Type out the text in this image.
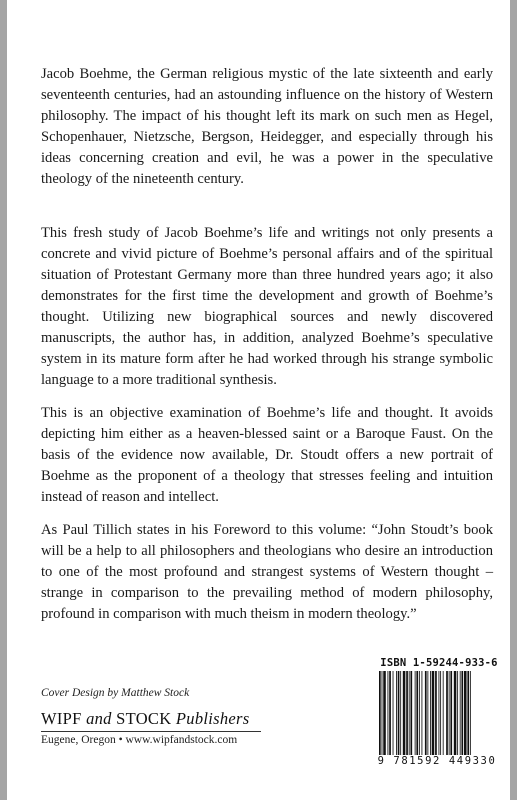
Jacob Boehme, the German religious mystic of the late sixteenth and early seventeenth centuries, had an astounding influence on the history of Western philosophy. The impact of his thought left its mark on such men as Hegel, Schopenhauer, Nietzsche, Bergson, Heidegger, and especially through his ideas concerning creation and evil, he was a power in the speculative theology of the nineteenth century.

This fresh study of Jacob Boehme’s life and writings not only presents a concrete and vivid picture of Boehme’s personal affairs and of the spiritual situation of Protestant Germany more than three hundred years ago; it also demonstrates for the first time the development and growth of Boehme’s thought. Utilizing new biographical sources and newly discovered manuscripts, the author has, in addition, analyzed Boehme’s speculative system in its mature form after he had worked through his strange symbolic language to a more traditional synthesis.

This is an objective examination of Boehme’s life and thought. It avoids depicting him either as a heaven-blessed saint or a Baroque Faust. On the basis of the evidence now available, Dr. Stoudt offers a new portrait of Boehme as the proponent of a theology that stresses feeling and intuition instead of reason and intellect.

As Paul Tillich states in his Foreword to this volume: “John Stoudt’s book will be a help to all philosophers and theologians who desire an introduction to one of the most profound and strangest systems of Western thought – strange in comparison to the prevailing method of modern philosophy, profound in comparison with much theism in modern theology.”

Cover Design by Matthew Stock
WIPF and STOCK Publishers
Eugene, Oregon • www.wipfandstock.com
ISBN 1-59244-933-6
9 781592 449330
